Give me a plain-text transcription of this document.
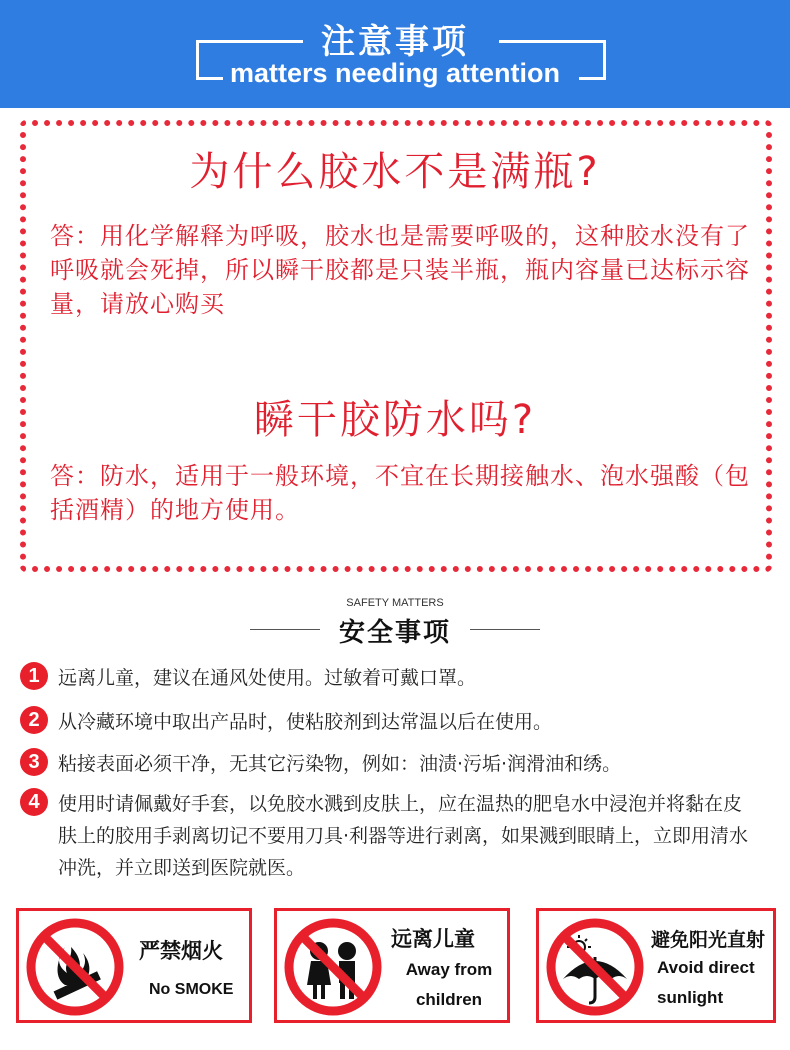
注意事项
matters needing attention
为什么胶水不是满瓶?
答：用化学解释为呼吸，胶水也是需要呼吸的，这种胶水没有了呼吸就会死掉，所以瞬干胶都是只装半瓶，瓶内容量已达标示容量，请放心购买
瞬干胶防水吗?
答：防水，适用于一般环境，不宜在长期接触水、泡水强酸（包括酒精）的地方使用。
SAFETY MATTERS
安全事项
1 远离儿童，建议在通风处使用。过敏着可戴口罩。
2 从冷藏环境中取出产品时，使粘胶剂到达常温以后在使用。
3 粘接表面必须干净，无其它污染物，例如：油渍·污垢·润滑油和绣。
4 使用时请佩戴好手套，以免胶水溅到皮肤上，应在温热的肥皂水中浸泡并将黏在皮肤上的胶用手剥离切记不要用刀具·利器等进行剥离，如果溅到眼睛上，立即用清水冲洗，并立即送到医院就医。
严禁烟火
No SMOKE
远离儿童
Away from children
避免阳光直射
Avoid direct sunlight
